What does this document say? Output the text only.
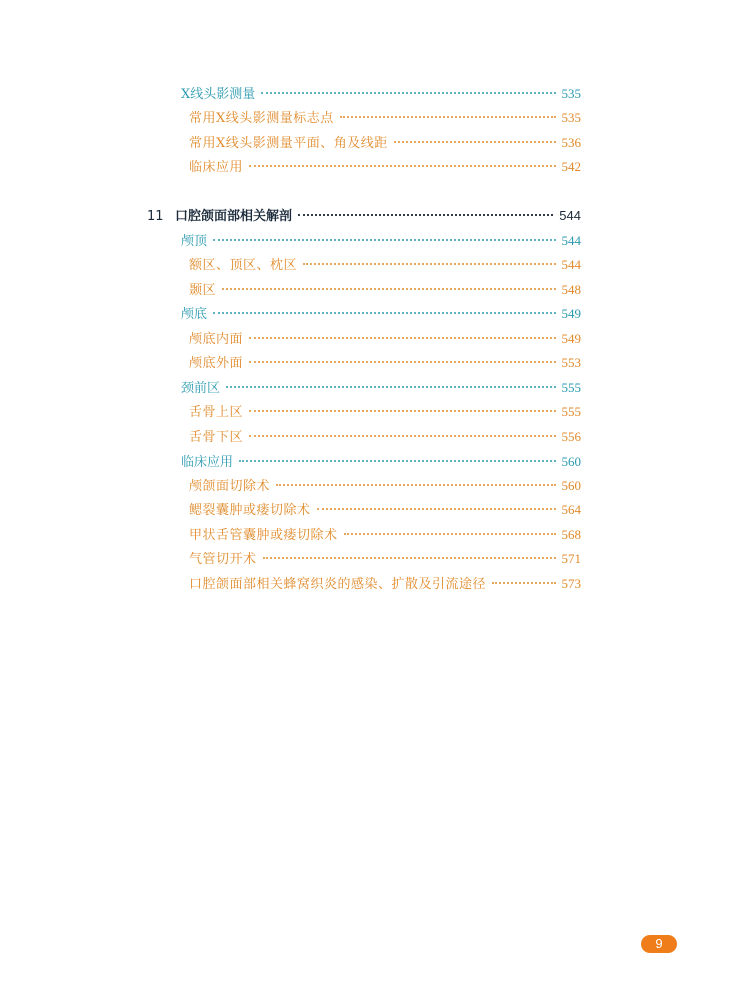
X线头影测量	535
常用X线头影测量标志点	535
常用X线头影测量平面、角及线距	536
临床应用	542
11 口腔颌面部相关解剖	544
颅顶	544
额区、顶区、枕区	544
颞区	548
颅底	549
颅底内面	549
颅底外面	553
颈前区	555
舌骨上区	555
舌骨下区	556
临床应用	560
颅颌面切除术	560
鳃裂囊肿或瘘切除术	564
甲状舌管囊肿或瘘切除术	568
气管切开术	571
口腔颌面部相关蜂窝织炎的感染、扩散及引流途径	573
9
